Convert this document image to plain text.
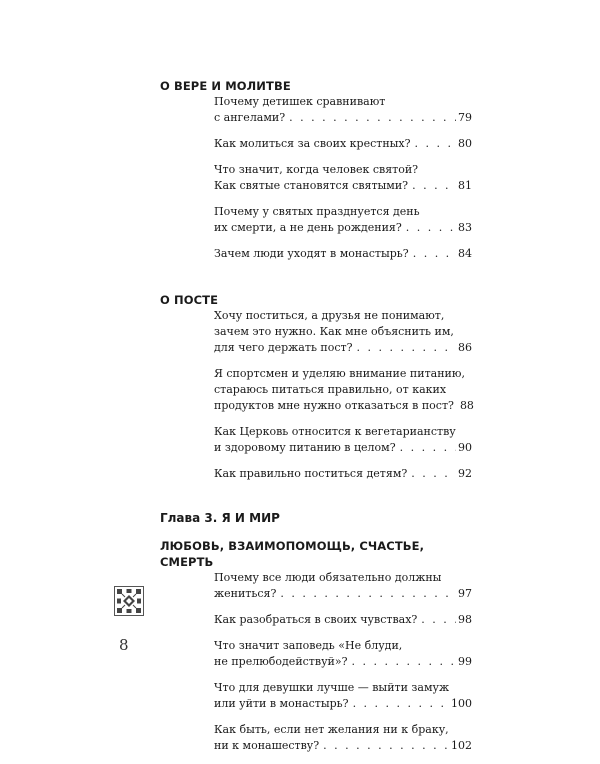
О ВЕРЕ И МОЛИТВЕ
Почему детишек сравнивают
с ангелами? . . .	79
Как молиться за своих крестных? . . .	80
Что значит, когда человек святой?
Как святые становятся святыми? . . .	81
Почему у святых празднуется день
их смерти, а не день рождения? . . .	83
Зачем люди уходят в монастырь? . . .	84
О ПОСТЕ
Хочу поститься, а друзья не понимают,
зачем это нужно. Как мне объяснить им,
для чего держать пост? . . .	86
Я спортсмен и уделяю внимание питанию,
стараюсь питаться правильно, от каких
продуктов мне нужно отказаться в пост? 88
Как Церковь относится к вегетарианству
и здоровому питанию в целом? . . .	90
Как правильно поститься детям? . . .	92
Глава 3. Я И МИР
ЛЮБОВЬ, ВЗАИМОПОМОЩЬ, СЧАСТЬЕ, СМЕРТЬ
Почему все люди обязательно должны
жениться? . . .	97
Как разобраться в своих чувствах? . . .	98
Что значит заповедь «Не блуди,
не прелюбодействуй»? . . .	99
Что для девушки лучше — выйти замуж
или уйти в монастырь? . . .	100
Как быть, если нет желания ни к браку,
ни к монашеству? . . .	102
8
